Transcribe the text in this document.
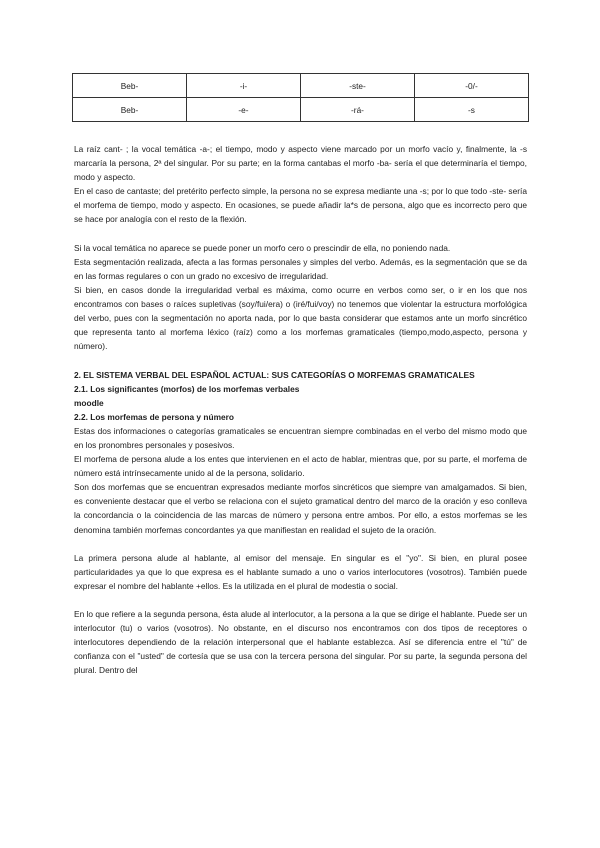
Beb-	-i-	-ste-	-0/-
Beb-	-e-	-rá-	-s

La raíz cant- ; la vocal temática -a-; el tiempo, modo y aspecto viene marcado por un morfo vacío y, finalmente, la -s marcaría la persona, 2ª del singular. Por su parte; en la forma cantabas el morfo -ba- sería el que determinaría el tiempo, modo y aspecto.

En el caso de cantaste; del pretérito perfecto simple, la persona no se expresa mediante una -s; por lo que todo -ste- sería el morfema de tiempo, modo y aspecto. En ocasiones, se puede añadir la*s de persona, algo que es incorrecto pero que se hace por analogía con el resto de la flexión.

Si la vocal temática no aparece se puede poner un morfo cero o prescindir de ella, no poniendo nada.

Esta segmentación realizada, afecta a las formas personales y simples del verbo. Además, es la segmentación que se da en las formas regulares o con un grado no excesivo de irregularidad.

Si bien, en casos donde la irregularidad verbal es máxima, como ocurre en verbos como ser, o ir en los que nos encontramos con bases o raíces supletivas (soy/fui/era) o (iré/fui/voy) no tenemos que violentar la estructura morfológica del verbo, pues con la segmentación no aporta nada, por lo que basta considerar que estamos ante un morfo sincrético que representa tanto al morfema léxico (raíz) como a los morfemas gramaticales (tiempo,modo,aspecto, persona y número).

2. EL SISTEMA VERBAL DEL ESPAÑOL ACTUAL: SUS CATEGORÍAS O MORFEMAS GRAMATICALES

2.1. Los significantes (morfos) de los morfemas verbales

moodle

2.2. Los morfemas de persona y número

Estas dos informaciones o categorías gramaticales se encuentran siempre combinadas en el verbo del mismo modo que en los pronombres personales y posesivos.

El morfema de persona alude a los entes que intervienen en el acto de hablar, mientras que, por su parte, el morfema de número está intrínsecamente unido al de la persona, solidario.

Son dos morfemas que se encuentran expresados mediante morfos sincréticos que siempre van amalgamados. Si bien, es conveniente destacar que el verbo se relaciona con el sujeto gramatical dentro del marco de la oración y eso conlleva la concordancia o la coincidencia de las marcas de número y persona entre ambos. Por ello, a estos morfemas se les denomina también morfemas concordantes ya que manifiestan en realidad el sujeto de la oración.

La primera persona alude al hablante, al emisor del mensaje. En singular es el "yo". Si bien, en plural posee particularidades ya que lo que expresa es el hablante sumado a uno o varios interlocutores (vosotros). También puede expresar el nombre del hablante +ellos. Es la utilizada en el plural de modestia o social.

En lo que refiere a la segunda persona, ésta alude al interlocutor, a la persona a la que se dirige el hablante. Puede ser un interlocutor (tu) o varios (vosotros). No obstante, en el discurso nos encontramos con dos tipos de receptores o interlocutores dependiendo de la relación interpersonal que el hablante establezca. Así se diferencia entre el "tú" de confianza con el "usted" de cortesía que se usa con la tercera persona del singular. Por su parte, la segunda persona del plural. Dentro del
